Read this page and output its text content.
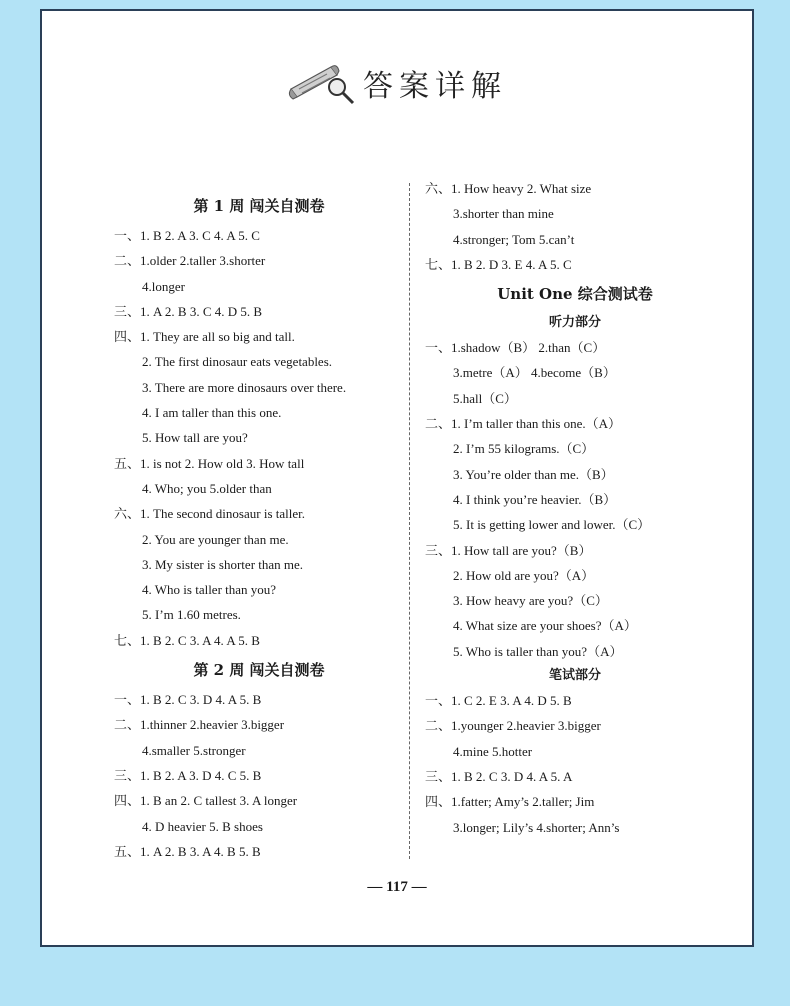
答案详解
第 1 周 闯关自测卷
一、1. B 2. A 3. C 4. A 5. C
二、1.older 2.taller 3.shorter
4.longer
三、1. A 2. B 3. C 4. D 5. B
四、1. They are all so big and tall.
2. The first dinosaur eats vegetables.
3. There are more dinosaurs over there.
4. I am taller than this one.
5. How tall are you?
五、1. is not 2. How old 3. How tall
4. Who; you 5.older than
六、1. The second dinosaur is taller.
2. You are younger than me.
3. My sister is shorter than me.
4. Who is taller than you?
5. I’m 1.60 metres.
七、1. B 2. C 3. A 4. A 5. B
第 2 周 闯关自测卷
一、1. B 2. C 3. D 4. A 5. B
二、1.thinner 2.heavier 3.bigger
4.smaller 5.stronger
三、1. B 2. A 3. D 4. C 5. B
四、1. B an 2. C tallest 3. A longer
4. D heavier 5. B shoes
五、1. A 2. B 3. A 4. B 5. B
六、1. How heavy 2. What size
3.shorter than mine
4.stronger; Tom 5.can’t
七、1. B 2. D 3. E 4. A 5. C
Unit One 综合测试卷
听力部分
一、1.shadow（B） 2.than（C）
3.metre（A） 4.become（B）
5.hall（C）
二、1. I’m taller than this one.（A）
2. I’m 55 kilograms.（C）
3. You’re older than me.（B）
4. I think you’re heavier.（B）
5. It is getting lower and lower.（C）
三、1. How tall are you?（B）
2. How old are you?（A）
3. How heavy are you?（C）
4. What size are your shoes?（A）
5. Who is taller than you?（A）
笔试部分
一、1. C 2. E 3. A 4. D 5. B
二、1.younger 2.heavier 3.bigger
4.mine 5.hotter
三、1. B 2. C 3. D 4. A 5. A
四、1.fatter; Amy’s 2.taller; Jim
3.longer; Lily’s 4.shorter; Ann’s
— 117 —
